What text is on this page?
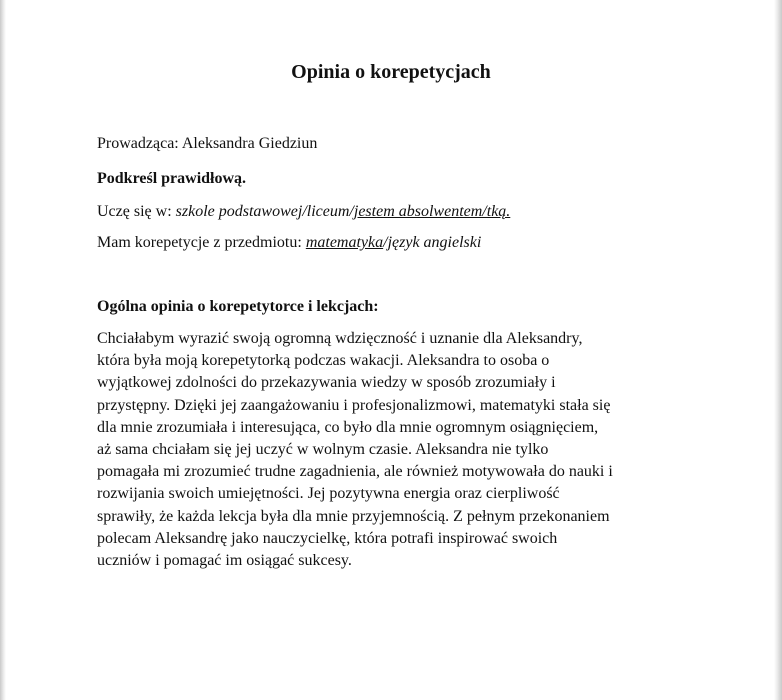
Opinia o korepetycjach

Prowadząca: Aleksandra Giedziun

Podkreśl prawidłową.

Uczę się w: szkole podstawowej/liceum/jestem absolwentem/tką.

Mam korepetycje z przedmiotu: matematyka/język angielski

Ogólna opinia o korepetytorce i lekcjach:

Chciałabym wyrazić swoją ogromną wdzięczność i uznanie dla Aleksandry,
która była moją korepetytorką podczas wakacji. Aleksandra to osoba o
wyjątkowej zdolności do przekazywania wiedzy w sposób zrozumiały i
przystępny. Dzięki jej zaangażowaniu i profesjonalizmowi, matematyki stała się
dla mnie zrozumiała i interesująca, co było dla mnie ogromnym osiągnięciem,
aż sama chciałam się jej uczyć w wolnym czasie. Aleksandra nie tylko
pomagała mi zrozumieć trudne zagadnienia, ale również motywowała do nauki i
rozwijania swoich umiejętności. Jej pozytywna energia oraz cierpliwość
sprawiły, że każda lekcja była dla mnie przyjemnością. Z pełnym przekonaniem
polecam Aleksandrę jako nauczycielkę, która potrafi inspirować swoich
uczniów i pomagać im osiągać sukcesy.
